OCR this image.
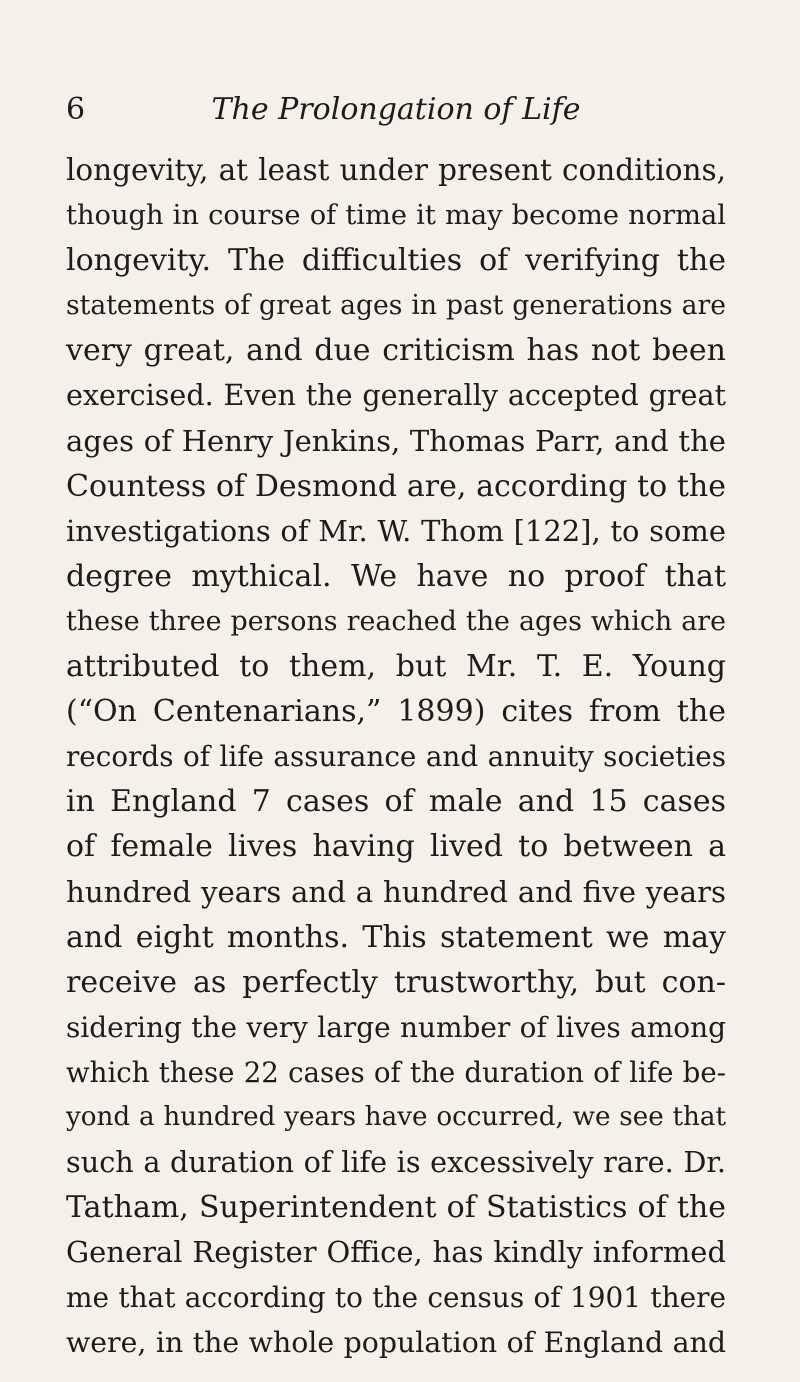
6	The Prolongation of Life
longevity, at least under present conditions,
though in course of time it may become normal
longevity. The difficulties of verifying the
statements of great ages in past generations are
very great, and due criticism has not been
exercised. Even the generally accepted great
ages of Henry Jenkins, Thomas Parr, and the
Countess of Desmond are, according to the
investigations of Mr. W. Thom [122], to some
degree mythical. We have no proof that
these three persons reached the ages which are
attributed to them, but Mr. T. E. Young
(“On Centenarians,” 1899) cites from the
records of life assurance and annuity societies
in England 7 cases of male and 15 cases
of female lives having lived to between a
hundred years and a hundred and five years
and eight months. This statement we may
receive as perfectly trustworthy, but con-
sidering the very large number of lives among
which these 22 cases of the duration of life be-
yond a hundred years have occurred, we see that
such a duration of life is excessively rare. Dr.
Tatham, Superintendent of Statistics of the
General Register Office, has kindly informed
me that according to the census of 1901 there
were, in the whole population of England and
